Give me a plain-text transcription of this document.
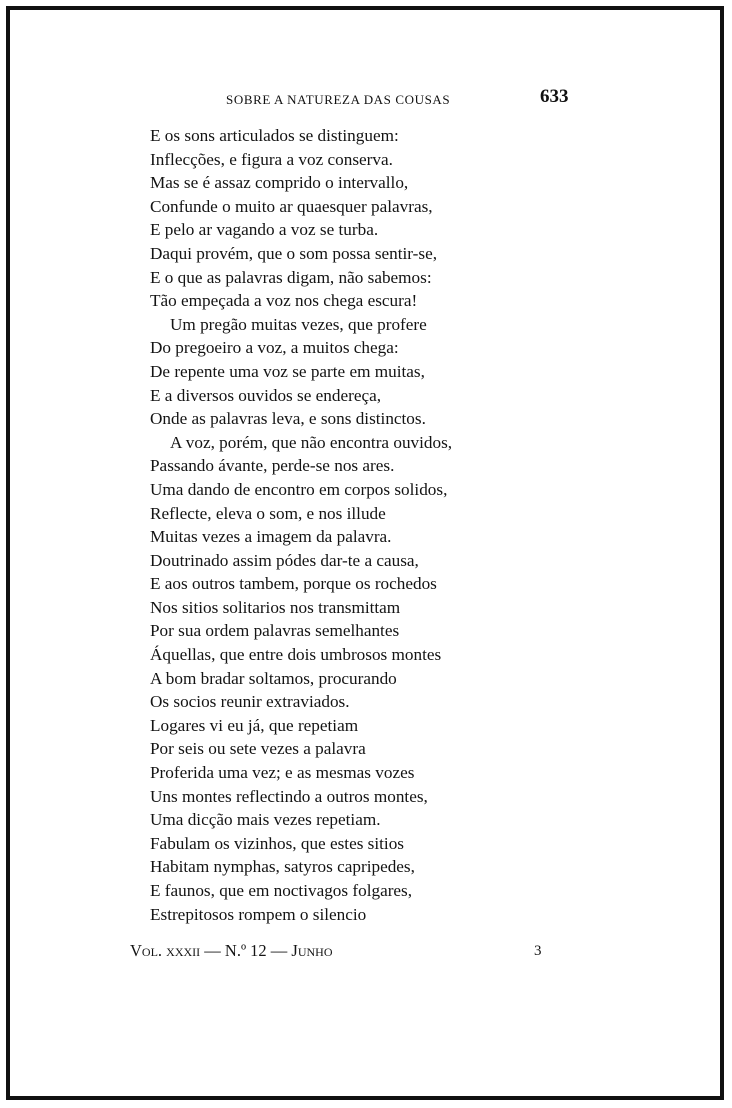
SOBRE A NATUREZA DAS COUSAS	633
E os sons articulados se distinguem:
Inflecções, e figura a voz conserva.
Mas se é assaz comprido o intervallo,
Confunde o muito ar quaesquer palavras,
E pelo ar vagando a voz se turba.
Daqui provém, que o som possa sentir-se,
E o que as palavras digam, não sabemos:
Tão empeçada a voz nos chega escura!
Um pregão muitas vezes, que profere
Do pregoeiro a voz, a muitos chega:
De repente uma voz se parte em muitas,
E a diversos ouvidos se endereça,
Onde as palavras leva, e sons distinctos.
A voz, porém, que não encontra ouvidos,
Passando ávante, perde-se nos ares.
Uma dando de encontro em corpos solidos,
Reflecte, eleva o som, e nos illude
Muitas vezes a imagem da palavra.
Doutrinado assim pódes dar-te a causa,
E aos outros tambem, porque os rochedos
Nos sitios solitarios nos transmittam
Por sua ordem palavras semelhantes
Áquellas, que entre dois umbrosos montes
A bom bradar soltamos, procurando
Os socios reunir extraviados.
Logares vi eu já, que repetiam
Por seis ou sete vezes a palavra
Proferida uma vez; e as mesmas vozes
Uns montes reflectindo a outros montes,
Uma dicção mais vezes repetiam.
Fabulam os vizinhos, que estes sitios
Habitam nymphas, satyros capripedes,
E faunos, que em noctivagos folgares,
Estrepitosos rompem o silencio
Vol. xxxii — N.º 12 — Junho	3
